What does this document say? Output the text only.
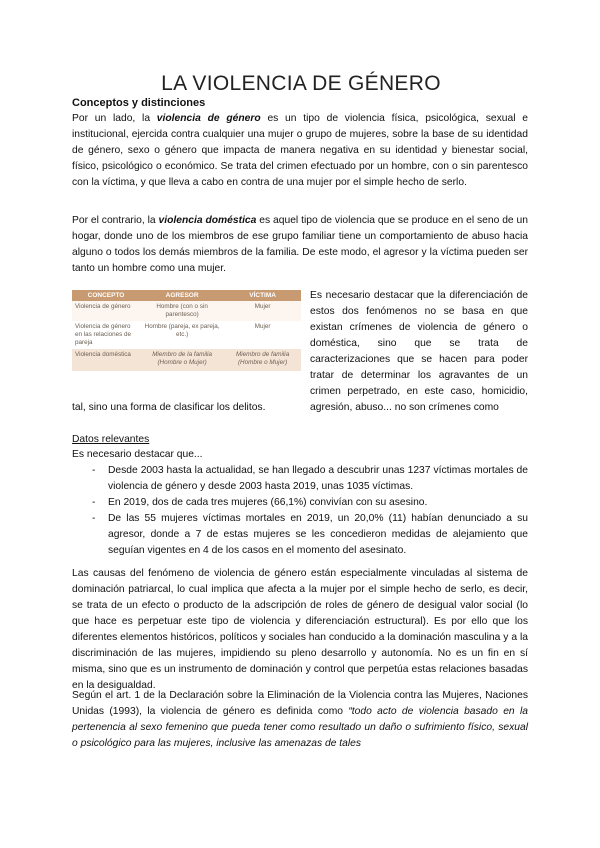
LA VIOLENCIA DE GÉNERO
Conceptos y distinciones

Por un lado, la violencia de género es un tipo de violencia física, psicológica, sexual e institucional, ejercida contra cualquier una mujer o grupo de mujeres, sobre la base de su identidad de género, sexo o género que impacta de manera negativa en su identidad y bienestar social, físico, psicológico o económico. Se trata del crimen efectuado por un hombre, con o sin parentesco con la víctima, y que lleva a cabo en contra de una mujer por el simple hecho de serlo.

Por el contrario, la violencia doméstica es aquel tipo de violencia que se produce en el seno de un hogar, donde uno de los miembros de ese grupo familiar tiene un comportamiento de abuso hacia alguno o todos los demás miembros de la familia. De este modo, el agresor y la víctima pueden ser tanto un hombre como una mujer.

CONCEPTO	AGRESOR	VÍCTIMA
Violencia de género	Hombre (con o sin parentesco)	Mujer
Violencia de género en las relaciones de pareja	Hombre (pareja, ex pareja, etc.)	Mujer
Violencia doméstica	Miembro de la familia (Hombre o Mujer)	Miembro de familia (Hombre o Mujer)

Es necesario destacar que la diferenciación de estos dos fenómenos no se basa en que existan crímenes de violencia de género o doméstica, sino que se trata de caracterizaciones que se hacen para poder tratar de determinar los agravantes de un crimen perpetrado, en este caso, homicidio, agresión, abuso... no son crímenes como

tal, sino una forma de clasificar los delitos.

Datos relevantes

Es necesario destacar que...

- Desde 2003 hasta la actualidad, se han llegado a descubrir unas 1237 víctimas mortales de violencia de género y desde 2003 hasta 2019, unas 1035 víctimas.
- En 2019, dos de cada tres mujeres (66,1%) convivían con su asesino.
- De las 55 mujeres víctimas mortales en 2019, un 20,0% (11) habían denunciado a su agresor, donde a 7 de estas mujeres se les concedieron medidas de alejamiento que seguían vigentes en 4 de los casos en el momento del asesinato.

Las causas del fenómeno de violencia de género están especialmente vinculadas al sistema de dominación patriarcal, lo cual implica que afecta a la mujer por el simple hecho de serlo, es decir, se trata de un efecto o producto de la adscripción de roles de género de desigual valor social (lo que hace es perpetuar este tipo de violencia y diferenciación estructural). Es por ello que los diferentes elementos históricos, políticos y sociales han conducido a la dominación masculina y a la discriminación de las mujeres, impidiendo su pleno desarrollo y autonomía. No es un fin en sí misma, sino que es un instrumento de dominación y control que perpetúa estas relaciones basadas en la desigualdad.

Según el art. 1 de la Declaración sobre la Eliminación de la Violencia contra las Mujeres, Naciones Unidas (1993), la violencia de género es definida como “todo acto de violencia basado en la pertenencia al sexo femenino que pueda tener como resultado un daño o sufrimiento físico, sexual o psicológico para las mujeres, inclusive las amenazas de tales
